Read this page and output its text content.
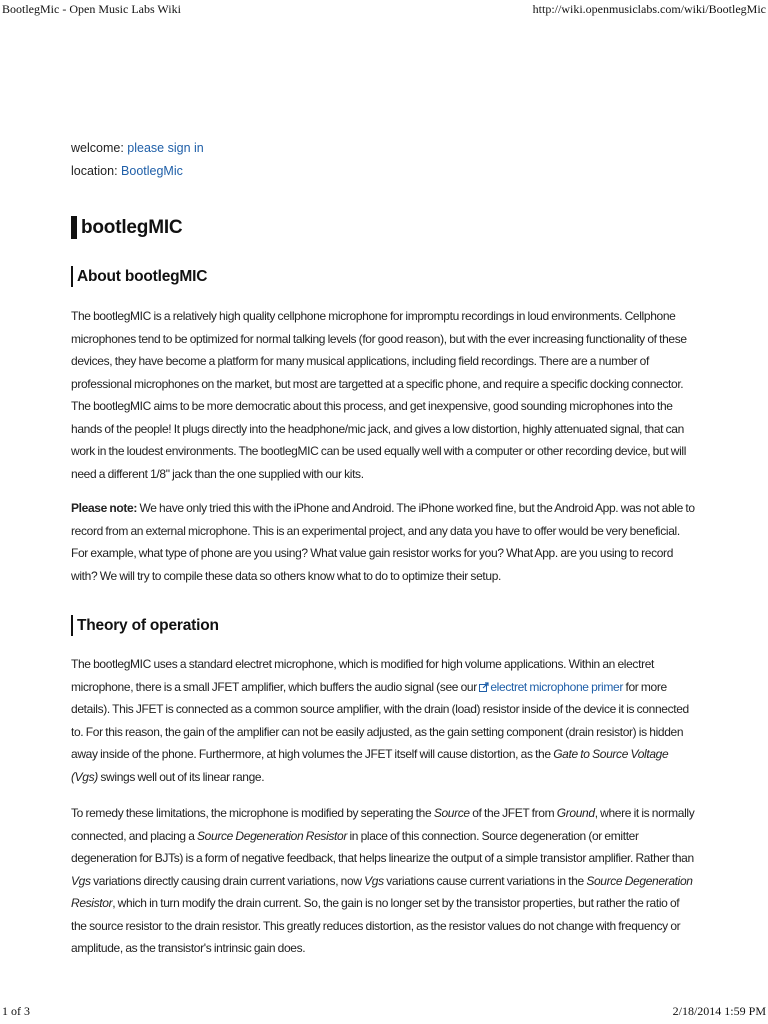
BootlegMic - Open Music Labs Wiki	http://wiki.openmusiclabs.com/wiki/BootlegMic
welcome: please sign in
location: BootlegMic
bootlegMIC
About bootlegMIC

The bootlegMIC is a relatively high quality cellphone microphone for impromptu recordings in loud environments. Cellphone microphones tend to be optimized for normal talking levels (for good reason), but with the ever increasing functionality of these devices, they have become a platform for many musical applications, including field recordings. There are a number of professional microphones on the market, but most are targetted at a specific phone, and require a specific docking connector. The bootlegMIC aims to be more democratic about this process, and get inexpensive, good sounding microphones into the hands of the people! It plugs directly into the headphone/mic jack, and gives a low distortion, highly attenuated signal, that can work in the loudest environments. The bootlegMIC can be used equally well with a computer or other recording device, but will need a different 1/8" jack than the one supplied with our kits.

Please note: We have only tried this with the iPhone and Android. The iPhone worked fine, but the Android App. was not able to record from an external microphone. This is an experimental project, and any data you have to offer would be very beneficial. For example, what type of phone are you using? What value gain resistor works for you? What App. are you using to record with? We will try to compile these data so others know what to do to optimize their setup.

Theory of operation

The bootlegMIC uses a standard electret microphone, which is modified for high volume applications. Within an electret microphone, there is a small JFET amplifier, which buffers the audio signal (see our electret microphone primer for more details). This JFET is connected as a common source amplifier, with the drain (load) resistor inside of the device it is connected to. For this reason, the gain of the amplifier can not be easily adjusted, as the gain setting component (drain resistor) is hidden away inside of the phone. Furthermore, at high volumes the JFET itself will cause distortion, as the Gate to Source Voltage (Vgs) swings well out of its linear range.

To remedy these limitations, the microphone is modified by seperating the Source of the JFET from Ground, where it is normally connected, and placing a Source Degeneration Resistor in place of this connection. Source degeneration (or emitter degeneration for BJTs) is a form of negative feedback, that helps linearize the output of a simple transistor amplifier. Rather than Vgs variations directly causing drain current variations, now Vgs variations cause current variations in the Source Degeneration Resistor, which in turn modify the drain current. So, the gain is no longer set by the transistor properties, but rather the ratio of the source resistor to the drain resistor. This greatly reduces distortion, as the resistor values do not change with frequency or amplitude, as the transistor's intrinsic gain does.

1 of 3	2/18/2014 1:59 PM
